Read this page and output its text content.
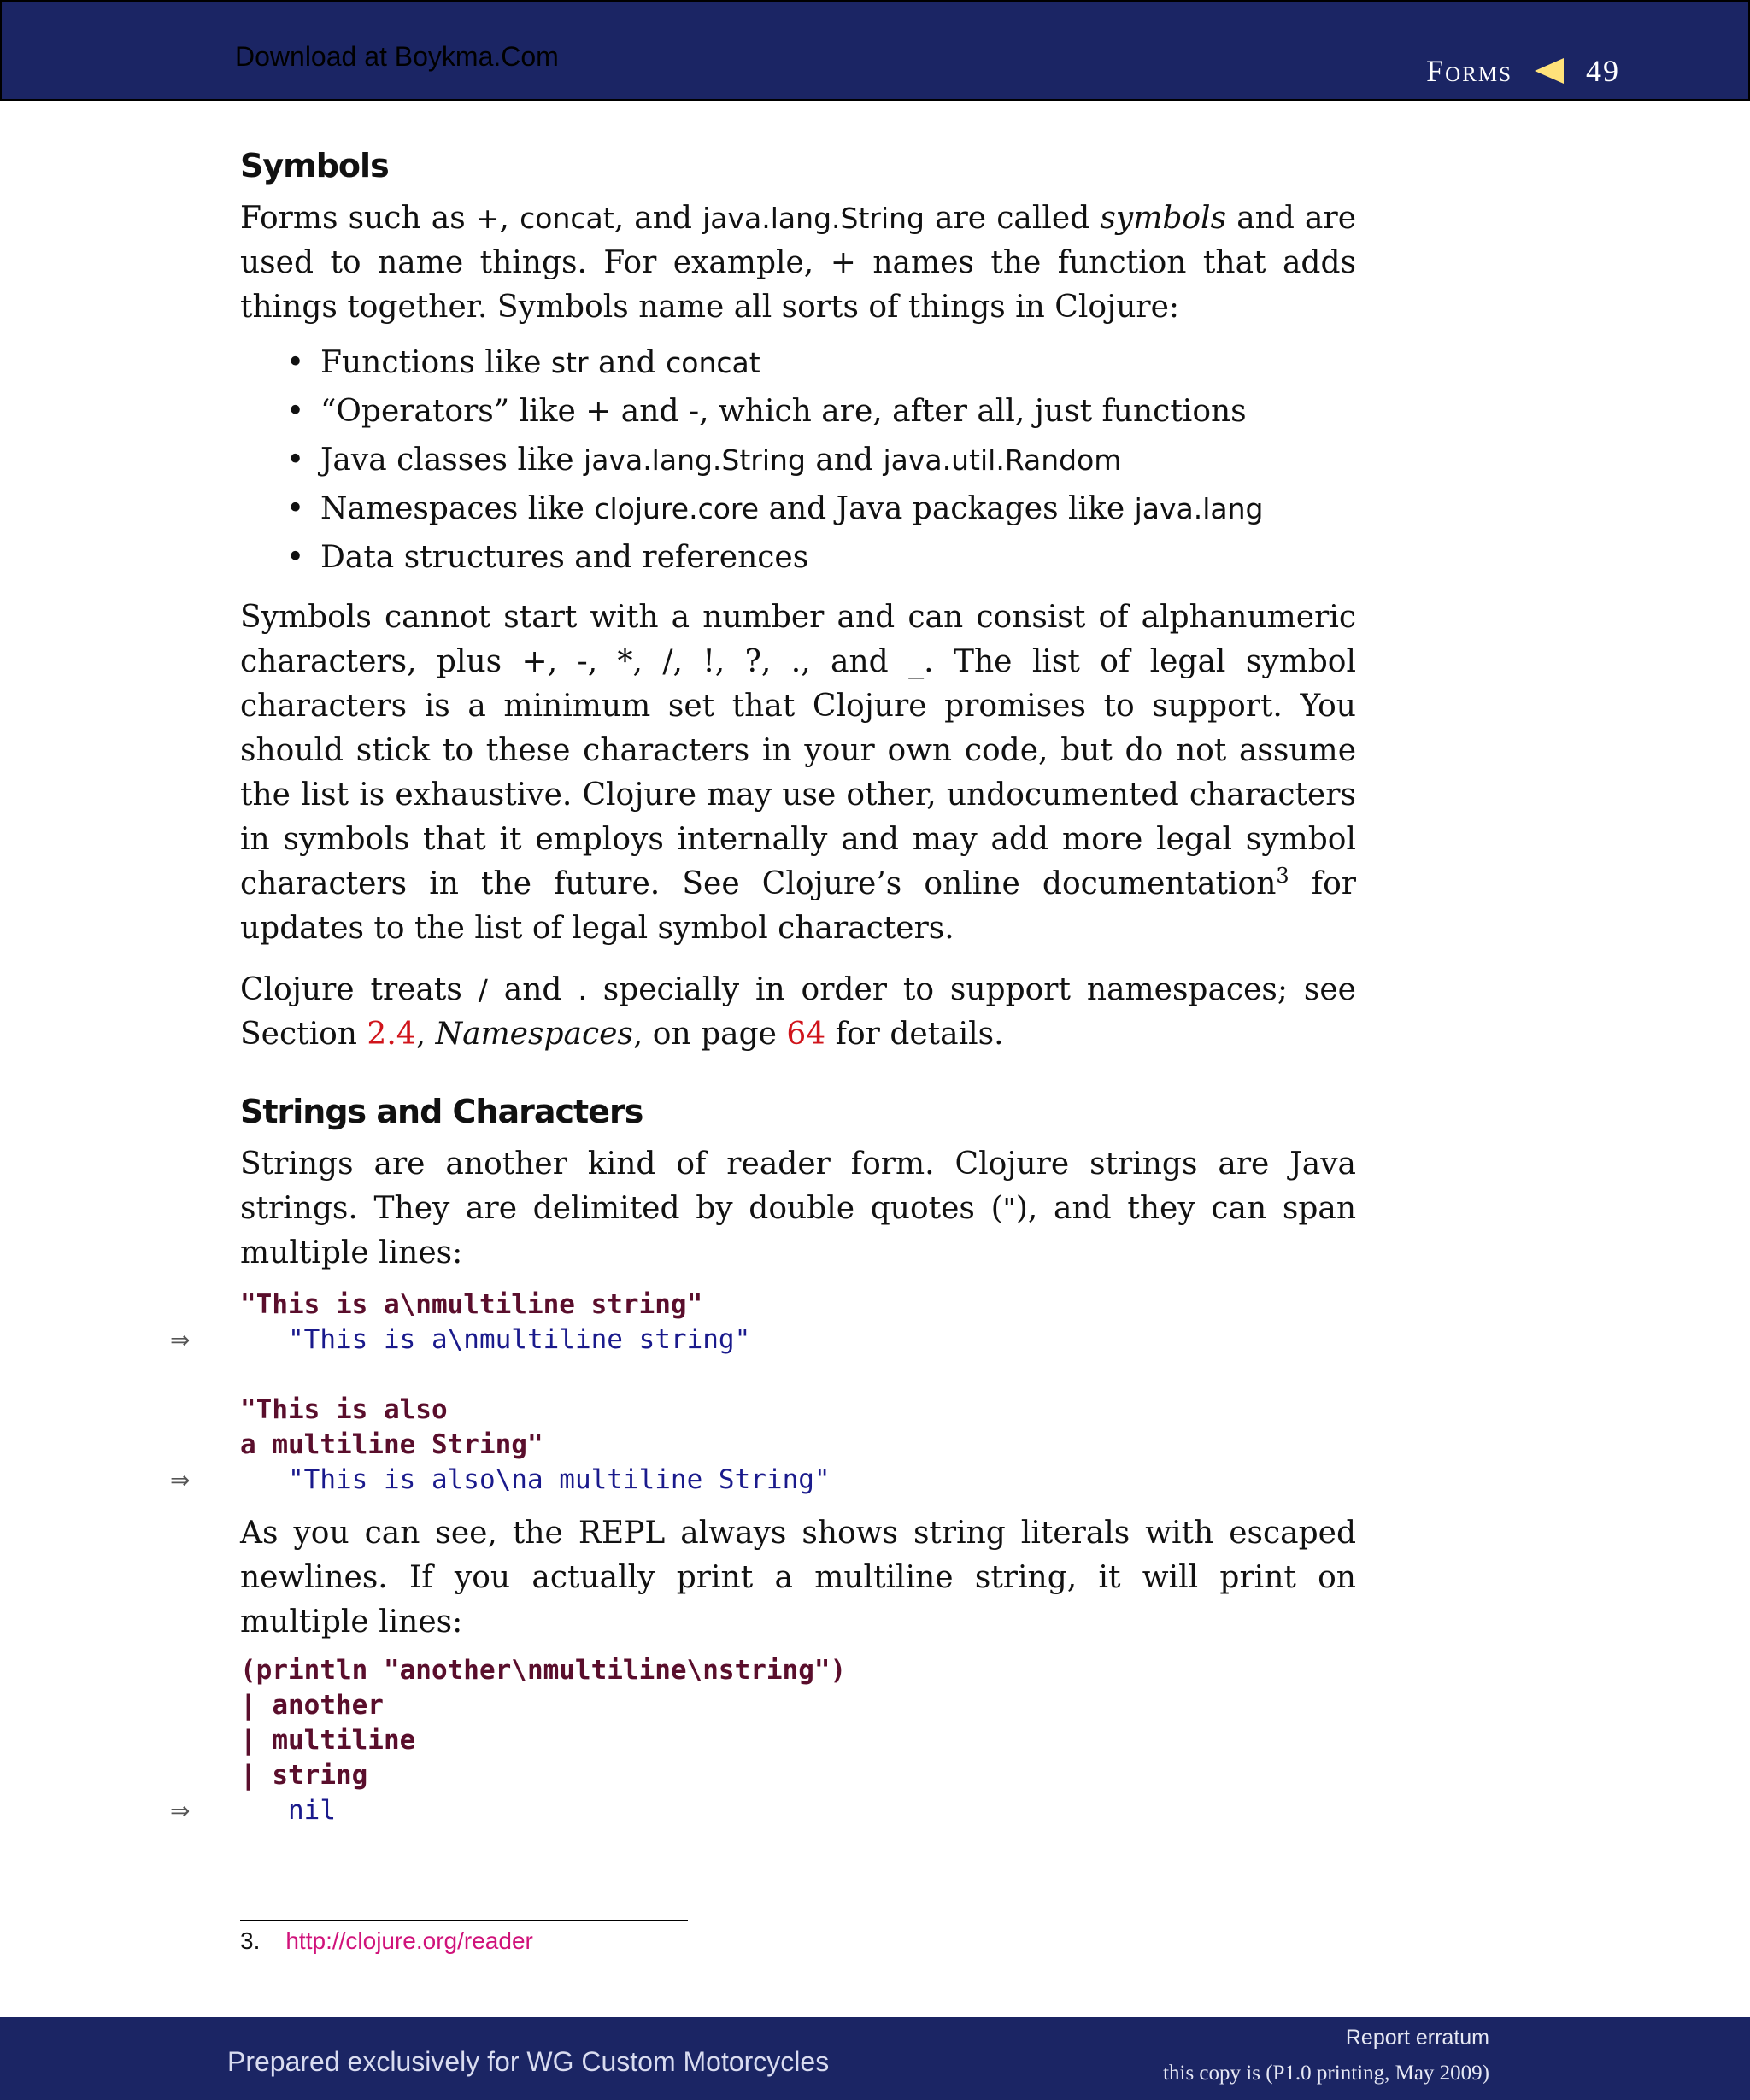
Download at Boykma.Com	Forms 49
Symbols

Forms such as +, concat, and java.lang.String are called symbols and are used to name things. For example, + names the function that adds things together. Symbols name all sorts of things in Clojure:

• Functions like str and concat
• “Operators” like + and -, which are, after all, just functions
• Java classes like java.lang.String and java.util.Random
• Namespaces like clojure.core and Java packages like java.lang
• Data structures and references

Symbols cannot start with a number and can consist of alphanumeric characters, plus +, -, *, /, !, ?, ., and _. The list of legal symbol characters is a minimum set that Clojure promises to support. You should stick to these characters in your own code, but do not assume the list is exhaustive. Clojure may use other, undocumented characters in symbols that it employs internally and may add more legal symbol characters in the future. See Clojure’s online documentation$^3$ for updates to the list of legal symbol characters.

Clojure treats / and . specially in order to support namespaces; see Section 2.4, Namespaces, on page 64 for details.

Strings and Characters

Strings are another kind of reader form. Clojure strings are Java strings. They are delimited by double quotes ("), and they can span multiple lines:

"This is a\nmultiline string"

⇒	"This is a\nmultiline string"
"This is also
a multiline String"

⇒	"This is also\na multiline String"

As you can see, the REPL always shows string literals with escaped newlines. If you actually print a multiline string, it will print on multiple lines:

(println "another\nmultiline\nstring")
| another
| multiline
| string

⇒	nil
3. http://clojure.org/reader
Prepared exclusively for WG Custom Motorcycles
Report erratum
this copy is (P1.0 printing, May 2009)
